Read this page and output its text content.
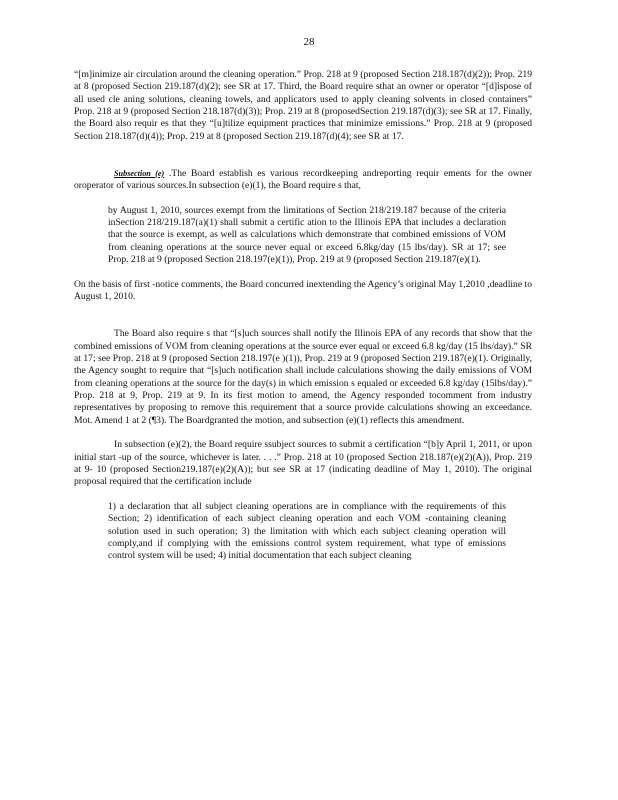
28

“[m]inimize air circulation around the cleaning operation.” Prop. 218 at 9 (proposed Section 218.187(d)(2)); Prop. 219 at 8 (proposed Section 219.187(d)(2); see SR at 17. Third, the Board require sthat an owner or operator “[d]ispose of all used cle aning solutions, cleaning towels, and applicators used to apply cleaning solvents in closed containers” Prop. 218 at 9 (proposed Section 218.187(d)(3)); Prop. 219 at 8 (proposedSection 219.187(d)(3); see SR at 17. Finally, the Board also requir es that they “[u]tilize equipment practices that minimize emissions.” Prop. 218 at 9 (proposed Section 218.187(d)(4)); Prop. 219 at 8 (proposed Section 219.187(d)(4); see SR at 17.

Subsection (e) .The Board establish es various recordkeeping andreporting requir ements for the owner oroperator of various sources.In subsection (e)(1), the Board require s that,

by August 1, 2010, sources exempt from the limitations of Section 218/219.187 because of the criteria inSection 218/219.187(a)(1) shall submit a certific ation to the Illinois EPA that includes a declaration that the source is exempt, as well as calculations which demonstrate that combined emissions of VOM from cleaning operations at the source never equal or exceed 6.8kg/day (15 lbs/day). SR at 17; see Prop. 218 at 9 (proposed Section 218.197(e)(1)), Prop. 219 at 9 (proposed Section 219.187(e)(1).

On the basis of first -notice comments, the Board concurred inextending the Agency’s original May 1,2010 ,deadline to August 1, 2010.

The Board also require s that “[s]uch sources shall notify the Illinois EPA of any records that show that the combined emissions of VOM from cleaning operations at the source ever equal or exceed 6.8 kg/day (15 lbs/day).” SR at 17; see Prop. 218 at 9 (proposed Section 218.197(e )(1)), Prop. 219 at 9 (proposed Section 219.187(e)(1). Originally, the Agency sought to require that “[s]uch notification shall include calculations showing the daily emissions of VOM from cleaning operations at the source for the day(s) in which emission s equaled or exceeded 6.8 kg/day (15lbs/day).” Prop. 218 at 9, Prop. 219 at 9. In its first motion to amend, the Agency responded tocomment from industry representatives by proposing to remove this requirement that a source provide calculations showing an exceedance. Mot. Amend 1 at 2 (¶3). The Boardgranted the motion, and subsection (e)(1) reflects this amendment.

In subsection (e)(2), the Board require ssubject sources to submit a certification “[b]y April 1, 2011, or upon initial start -up of the source, whichever is later. . . .” Prop. 218 at 10 (proposed Section 218.187(e)(2)(A)), Prop. 219 at 9- 10 (proposed Section219.187(e)(2)(A)); but see SR at 17 (indicating deadline of May 1, 2010). The original proposal required that the certification include

1) a declaration that all subject cleaning operations are in compliance with the requirements of this Section; 2) identification of each subject cleaning operation and each VOM -containing cleaning solution used in such operation; 3) the limitation with which each subject cleaning operation will comply,and if complying with the emissions control system requirement, what type of emissions control system will be used; 4) initial documentation that each subject cleaning
